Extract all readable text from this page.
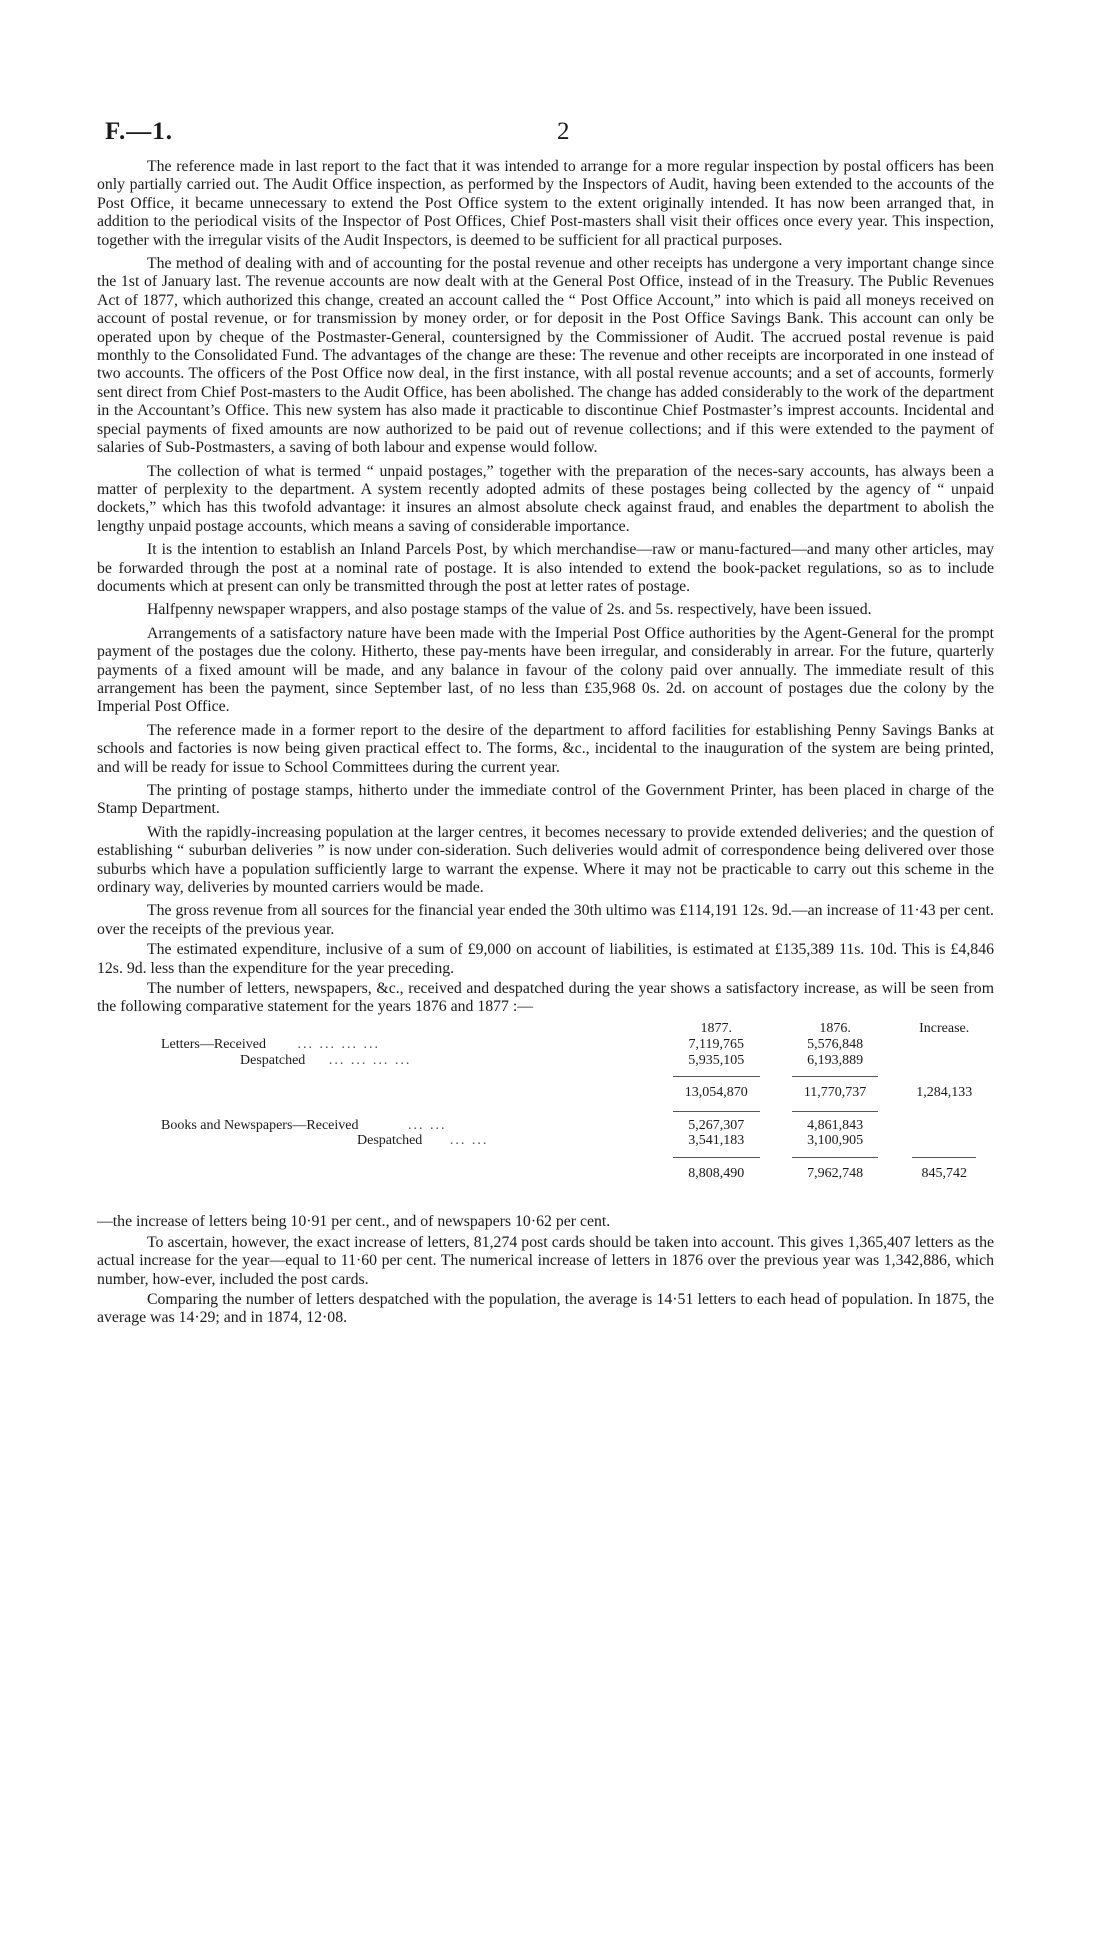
F.—1.	2

The reference made in last report to the fact that it was intended to arrange for a more regular inspection by postal officers has been only partially carried out. The Audit Office inspection, as performed by the Inspectors of Audit, having been extended to the accounts of the Post Office, it became unnecessary to extend the Post Office system to the extent originally intended. It has now been arranged that, in addition to the periodical visits of the Inspector of Post Offices, Chief Post-masters shall visit their offices once every year. This inspection, together with the irregular visits of the Audit Inspectors, is deemed to be sufficient for all practical purposes.

The method of dealing with and of accounting for the postal revenue and other receipts has undergone a very important change since the 1st of January last. The revenue accounts are now dealt with at the General Post Office, instead of in the Treasury. The Public Revenues Act of 1877, which authorized this change, created an account called the “ Post Office Account,” into which is paid all moneys received on account of postal revenue, or for transmission by money order, or for deposit in the Post Office Savings Bank. This account can only be operated upon by cheque of the Postmaster-General, countersigned by the Commissioner of Audit. The accrued postal revenue is paid monthly to the Consolidated Fund. The advantages of the change are these: The revenue and other receipts are incorporated in one instead of two accounts. The officers of the Post Office now deal, in the first instance, with all postal revenue accounts; and a set of accounts, formerly sent direct from Chief Post-masters to the Audit Office, has been abolished. The change has added considerably to the work of the department in the Accountant’s Office. This new system has also made it practicable to discontinue Chief Postmaster’s imprest accounts. Incidental and special payments of fixed amounts are now authorized to be paid out of revenue collections; and if this were extended to the payment of salaries of Sub-Postmasters, a saving of both labour and expense would follow.

The collection of what is termed “ unpaid postages,” together with the preparation of the neces-sary accounts, has always been a matter of perplexity to the department. A system recently adopted admits of these postages being collected by the agency of “ unpaid dockets,” which has this twofold advantage: it insures an almost absolute check against fraud, and enables the department to abolish the lengthy unpaid postage accounts, which means a saving of considerable importance.

It is the intention to establish an Inland Parcels Post, by which merchandise—raw or manu-factured—and many other articles, may be forwarded through the post at a nominal rate of postage. It is also intended to extend the book-packet regulations, so as to include documents which at present can only be transmitted through the post at letter rates of postage.

Halfpenny newspaper wrappers, and also postage stamps of the value of 2s. and 5s. respectively, have been issued.

Arrangements of a satisfactory nature have been made with the Imperial Post Office authorities by the Agent-General for the prompt payment of the postages due the colony. Hitherto, these pay-ments have been irregular, and considerably in arrear. For the future, quarterly payments of a fixed amount will be made, and any balance in favour of the colony paid over annually. The immediate result of this arrangement has been the payment, since September last, of no less than £35,968 0s. 2d. on account of postages due the colony by the Imperial Post Office.

The reference made in a former report to the desire of the department to afford facilities for establishing Penny Savings Banks at schools and factories is now being given practical effect to. The forms, &c., incidental to the inauguration of the system are being printed, and will be ready for issue to School Committees during the current year.

The printing of postage stamps, hitherto under the immediate control of the Government Printer, has been placed in charge of the Stamp Department.

With the rapidly-increasing population at the larger centres, it becomes necessary to provide extended deliveries; and the question of establishing “ suburban deliveries ” is now under con-sideration. Such deliveries would admit of correspondence being delivered over those suburbs which have a population sufficiently large to warrant the expense. Where it may not be practicable to carry out this scheme in the ordinary way, deliveries by mounted carriers would be made.

The gross revenue from all sources for the financial year ended the 30th ultimo was £114,191 12s. 9d.—an increase of 11·43 per cent. over the receipts of the previous year.

The estimated expenditure, inclusive of a sum of £9,000 on account of liabilities, is estimated at £135,389 11s. 10d. This is £4,846 12s. 9d. less than the expenditure for the year preceding.

The number of letters, newspapers, &c., received and despatched during the year shows a satisfactory increase, as will be seen from the following comparative statement for the years 1876 and 1877 :—

	1877.	1876.	Increase.
Letters—Received ... ... ... ...	7,119,765	5,576,848	
Despatched ... ... ... ...	5,935,105	6,193,889	

	13,054,870	11,770,737	1,284,133

Books and Newspapers—Received ... ...	5,267,307	4,861,843	

Despatched ... ...	3,541,183	3,100,905	

	8,808,490	7,962,748	845,742

—the increase of letters being 10·91 per cent., and of newspapers 10·62 per cent.

To ascertain, however, the exact increase of letters, 81,274 post cards should be taken into account. This gives 1,365,407 letters as the actual increase for the year—equal to 11·60 per cent. The numerical increase of letters in 1876 over the previous year was 1,342,886, which number, how-ever, included the post cards.

Comparing the number of letters despatched with the population, the average is 14·51 letters to each head of population. In 1875, the average was 14·29; and in 1874, 12·08.
